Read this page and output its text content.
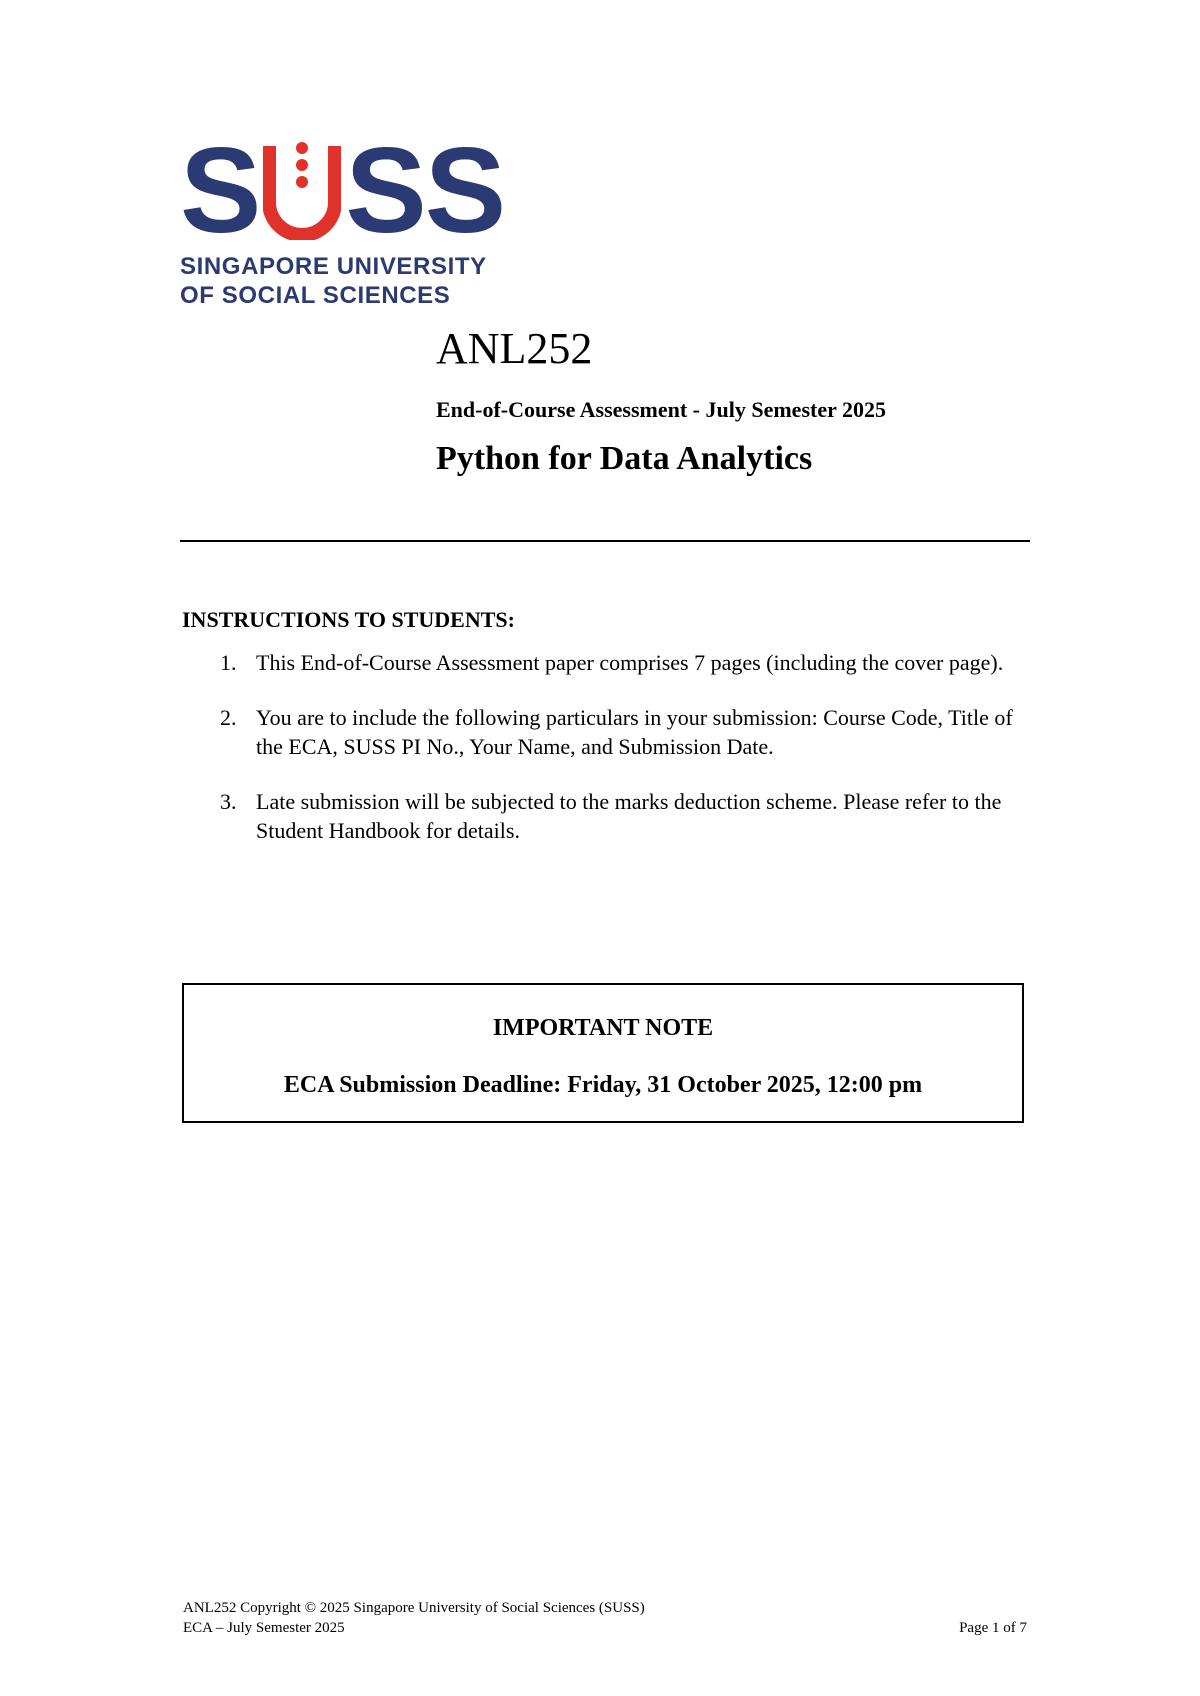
S S S
SINGAPORE UNIVERSITY
OF SOCIAL SCIENCES
ANL252
End-of-Course Assessment - July Semester 2025
Python for Data Analytics
INSTRUCTIONS TO STUDENTS:
1. This End-of-Course Assessment paper comprises 7 pages (including the cover page).
2. You are to include the following particulars in your submission: Course Code, Title of the ECA, SUSS PI No., Your Name, and Submission Date.
3. Late submission will be subjected to the marks deduction scheme. Please refer to the Student Handbook for details.
IMPORTANT NOTE
ECA Submission Deadline: Friday, 31 October 2025, 12:00 pm
ANL252 Copyright © 2025 Singapore University of Social Sciences (SUSS)
ECA – July Semester 2025	Page 1 of 7
